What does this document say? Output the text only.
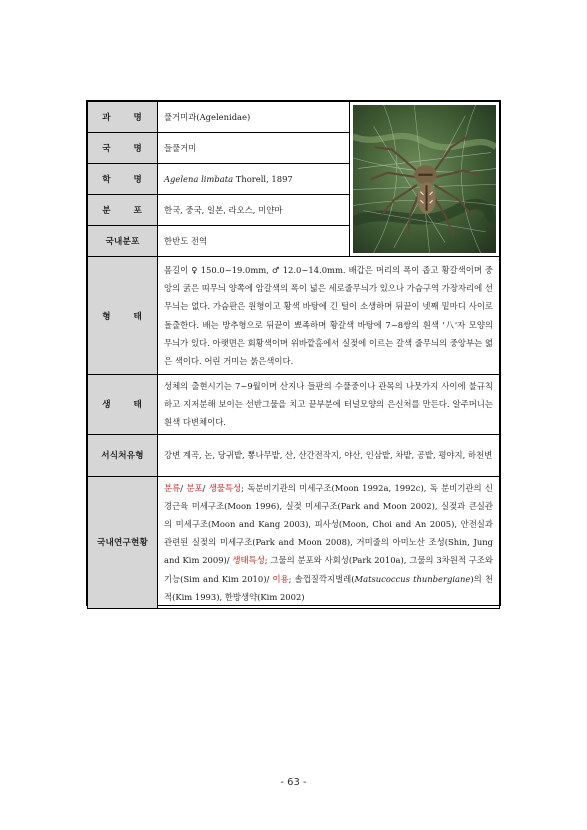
과 명	풀거미과(Agelenidae)	

국 명	들풀거미	
학 명	Agelena limbata Thorell, 1897	
분 포	한국, 중국, 일본, 라오스, 미얀마	
국내분포	한반도 전역	
형 태	몸길이 ♀ 150.0~19.0mm, ♂ 12.0~14.0mm. 배갑은 머리의 폭이 좁고 황갈색이며 중앙의 굵은 띠무늬 양쪽에 암갈색의 폭이 넓은 세로줄무늬가 있으나 가슴구역 가장자리에 선무늬는 없다. 가슴판은 원형이고 황색 바탕에 긴 털이 소생하며 뒤끝이 넷째 밑마디 사이로 돌출한다. 배는 방추형으로 뒤끝이 뾰족하며 황갈색 바탕에 7~8쌍의 흰색 '八'자 모양의 무늬가 있다. 아랫면은 회황색이며 위바깥홈에서 실젖에 이르는 갈색 줄무늬의 중앙부는 엷은 색이다. 어린 거미는 붉은색이다.	
생 태	성체의 출현시기는 7~9월이며 산지나 들판의 수풀중이나 관목의 나뭇가지 사이에 불규칙하고 지저분해 보이는 선반그물을 치고 끝부분에 터널모양의 은신처를 만든다. 알주머니는 흰색 다변체이다.	
서식처유형	강변 계곡, 논, 당귀밭, 뽕나무밭, 산, 산간전작지, 야산, 인삼밭, 차밭, 공밭, 평야지, 하천변	
국내연구현황	분류/ 분포/ 생물특성; 독분비기관의 미세구조(Moon 1992a, 1992c), 독 분비기관의 신경근육 미세구조(Moon 1996), 실젖 미세구조(Park and Moon 2002), 실젖과 큰실관의 미세구조(Moon and Kang 2003), 피사성(Moon, Choi and An 2005), 안전실과 관련된 실젖의 미세구조(Park and Moon 2008), 거미줄의 아미노산 조성(Shin, Jung and Kim 2009)/ 생태특성; 그물의 분포와 사회성(Park 2010a), 그물의 3차원적 구조와 기능(Sim and Kim 2010)/ 이용; 솔껍질깍지벌레(Matsucoccus thunbergiane)의 천적(Kim 1993), 한방생약(Kim 2002)	
- 63 -
